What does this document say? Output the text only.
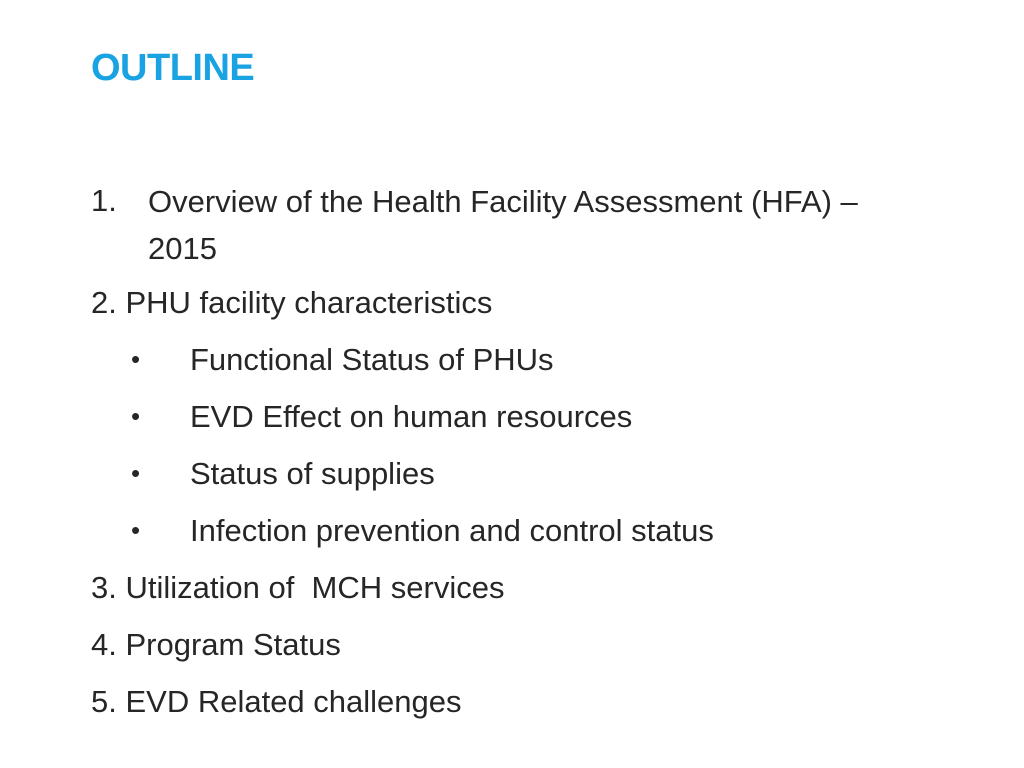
OUTLINE
1. Overview of the Health Facility Assessment (HFA) – 2015
2. PHU facility characteristics
• Functional Status of PHUs
• EVD Effect on human resources
• Status of supplies
• Infection prevention and control status
3. Utilization of  MCH services
4. Program Status
5. EVD Related challenges
